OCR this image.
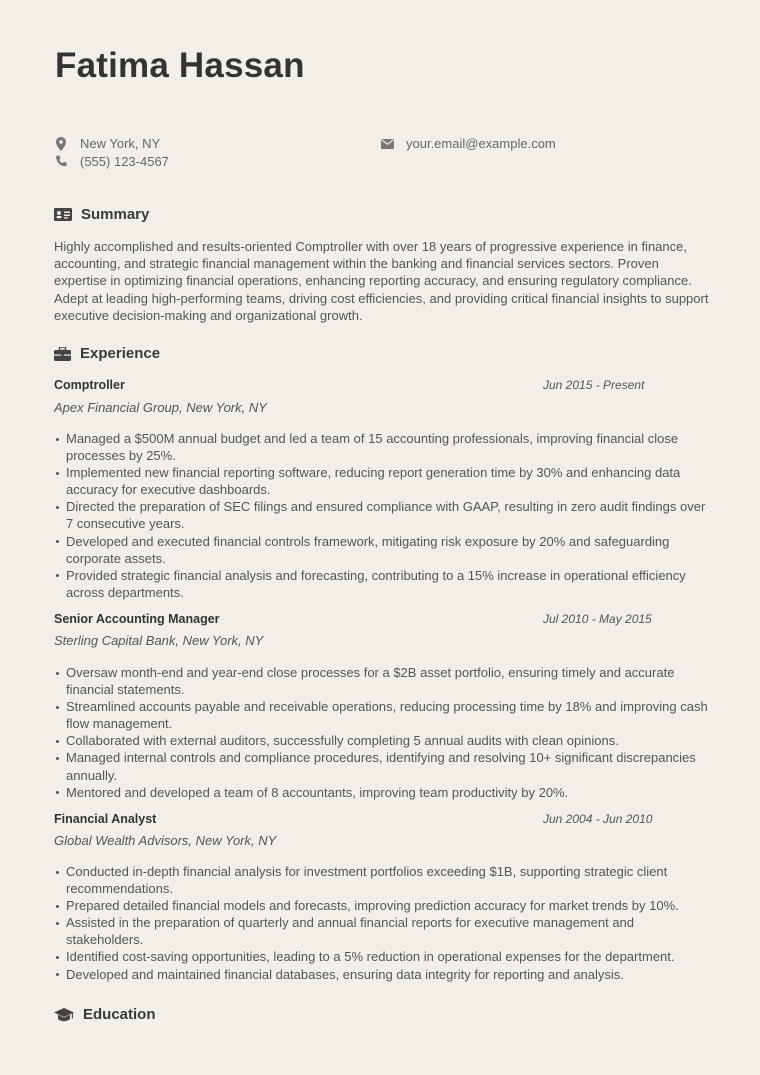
Fatima Hassan
New York, NY
(555) 123-4567
your.email@example.com
Summary

Highly accomplished and results-oriented Comptroller with over 18 years of progressive experience in finance, accounting, and strategic financial management within the banking and financial services sectors. Proven expertise in optimizing financial operations, enhancing reporting accuracy, and ensuring regulatory compliance. Adept at leading high-performing teams, driving cost efficiencies, and providing critical financial insights to support executive decision-making and organizational growth.

Experience
Comptroller	Jun 2015 - Present
Apex Financial Group, New York, NY
Managed a $500M annual budget and led a team of 15 accounting professionals, improving financial close processes by 25%.
Implemented new financial reporting software, reducing report generation time by 30% and enhancing data accuracy for executive dashboards.
Directed the preparation of SEC filings and ensured compliance with GAAP, resulting in zero audit findings over 7 consecutive years.
Developed and executed financial controls framework, mitigating risk exposure by 20% and safeguarding corporate assets.
Provided strategic financial analysis and forecasting, contributing to a 15% increase in operational efficiency across departments.
Senior Accounting Manager	Jul 2010 - May 2015
Sterling Capital Bank, New York, NY
Oversaw month-end and year-end close processes for a $2B asset portfolio, ensuring timely and accurate financial statements.
Streamlined accounts payable and receivable operations, reducing processing time by 18% and improving cash flow management.
Collaborated with external auditors, successfully completing 5 annual audits with clean opinions.
Managed internal controls and compliance procedures, identifying and resolving 10+ significant discrepancies annually.
Mentored and developed a team of 8 accountants, improving team productivity by 20%.
Financial Analyst	Jun 2004 - Jun 2010
Global Wealth Advisors, New York, NY
Conducted in-depth financial analysis for investment portfolios exceeding $1B, supporting strategic client recommendations.
Prepared detailed financial models and forecasts, improving prediction accuracy for market trends by 10%.
Assisted in the preparation of quarterly and annual financial reports for executive management and stakeholders.
Identified cost-saving opportunities, leading to a 5% reduction in operational expenses for the department.
Developed and maintained financial databases, ensuring data integrity for reporting and analysis.
Education
